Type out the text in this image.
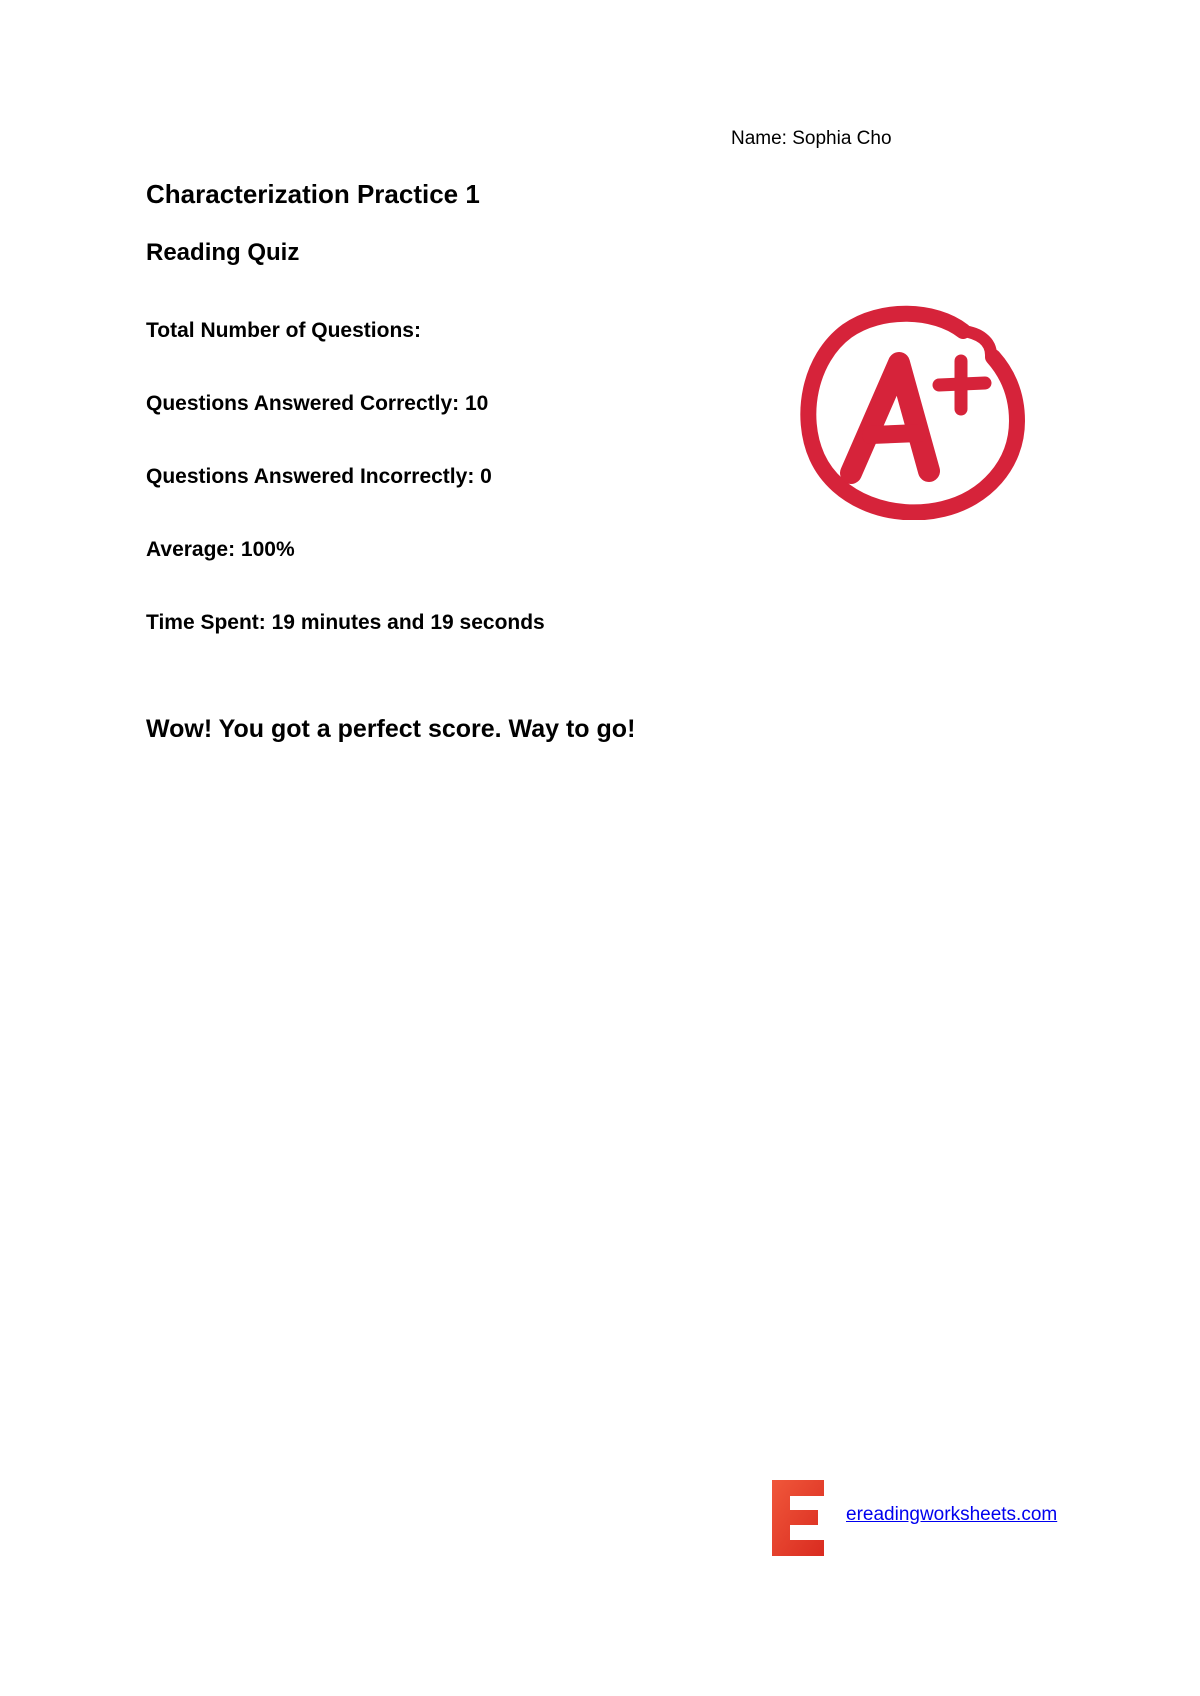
Name: Sophia Cho
Characterization Practice 1
Reading Quiz
Total Number of Questions:
Questions Answered Correctly: 10
Questions Answered Incorrectly: 0
Average: 100%
Time Spent: 19 minutes and 19 seconds
Wow! You got a perfect score. Way to go!
ereadingworksheets.com
